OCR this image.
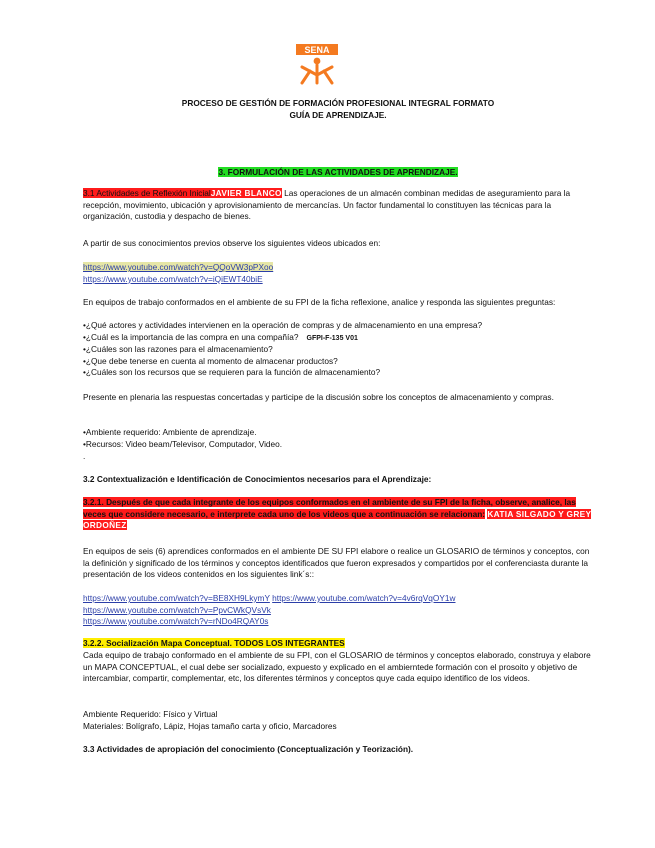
SENA
PROCESO DE GESTIÓN DE FORMACIÓN PROFESIONAL INTEGRAL FORMATO
GUÍA DE APRENDIZAJE.
3. FORMULACIÓN DE LAS ACTIVIDADES DE APRENDIZAJE.
3.1 Actividades de Reflexión InicialJAVIER BLANCO Las operaciones de un almacén combinan medidas de aseguramiento para la recepción, movimiento, ubicación y aprovisionamiento de mercancías. Un factor fundamental lo constituyen las técnicas para la organización, custodia y despacho de bienes.
A partir de sus conocimientos previos observe los siguientes videos ubicados en:
https://www.youtube.com/watch?v=QQoVW3pPXoo
https://www.youtube.com/watch?v=iQiEWT40biE
En equipos de trabajo conformados en el ambiente de su FPI de la ficha reflexione, analice y responda las siguientes preguntas:
• ¿Qué actores y actividades intervienen en la operación de compras y de almacenamiento en una empresa?
• ¿Cuál es la importancia de las compra en una compañía? GFPI-F-135 V01
• ¿Cuáles son las razones para el almacenamiento?
• ¿Que debe tenerse en cuenta al momento de almacenar productos?
• ¿Cuáles son los recursos que se requieren para la función de almacenamiento?
Presente en plenaria las respuestas concertadas y participe de la discusión sobre los conceptos de almacenamiento y compras.
• Ambiente requerido: Ambiente de aprendizaje.
• Recursos: Video beam/Televisor, Computador, Video.
.
3.2 Contextualización e Identificación de Conocimientos necesarios para el Aprendizaje:
3.2.1. Después de que cada integrante de los equipos conformados en el ambiente de su FPI de la ficha, observe, analice, las veces que considere necesario, e interprete cada uno de los videos que a continuación se relacionan: KATIA SILGADO Y GREY ORDOÑEZ
En equipos de seis (6) aprendices conformados en el ambiente DE SU FPI elabore o realice un GLOSARIO de términos y conceptos, con la definición y significado de los términos y conceptos identificados que fueron expresados y compartidos por el conferenciasta durante la presentación de los videos contenidos en los siguientes link´s::
https://www.youtube.com/watch?v=BE8XH9LkymY https://www.youtube.com/watch?v=4v6rqVqOY1w
https://www.youtube.com/watch?v=PpvCWkQVsVk
https://www.youtube.com/watch?v=rNDo4RQAY0s
3.2.2. Socialización Mapa Conceptual. TODOS LOS INTEGRANTES
Cada equipo de trabajo conformado en el ambiente de su FPI, con el GLOSARIO de términos y conceptos elaborado, construya y elabore un MAPA CONCEPTUAL, el cual debe ser socializado, expuesto y explicado en el ambierntede formación con el prosoito y objetivo de intercambiar, compartir, complementar, etc, los diferentes términos y conceptos quye cada equipo identifico de los videos.
Ambiente Requerido: Físico y Virtual
Materiales: Bolígrafo, Lápiz, Hojas tamaño carta y oficio, Marcadores
3.3 Actividades de apropiación del conocimiento (Conceptualización y Teorización).
